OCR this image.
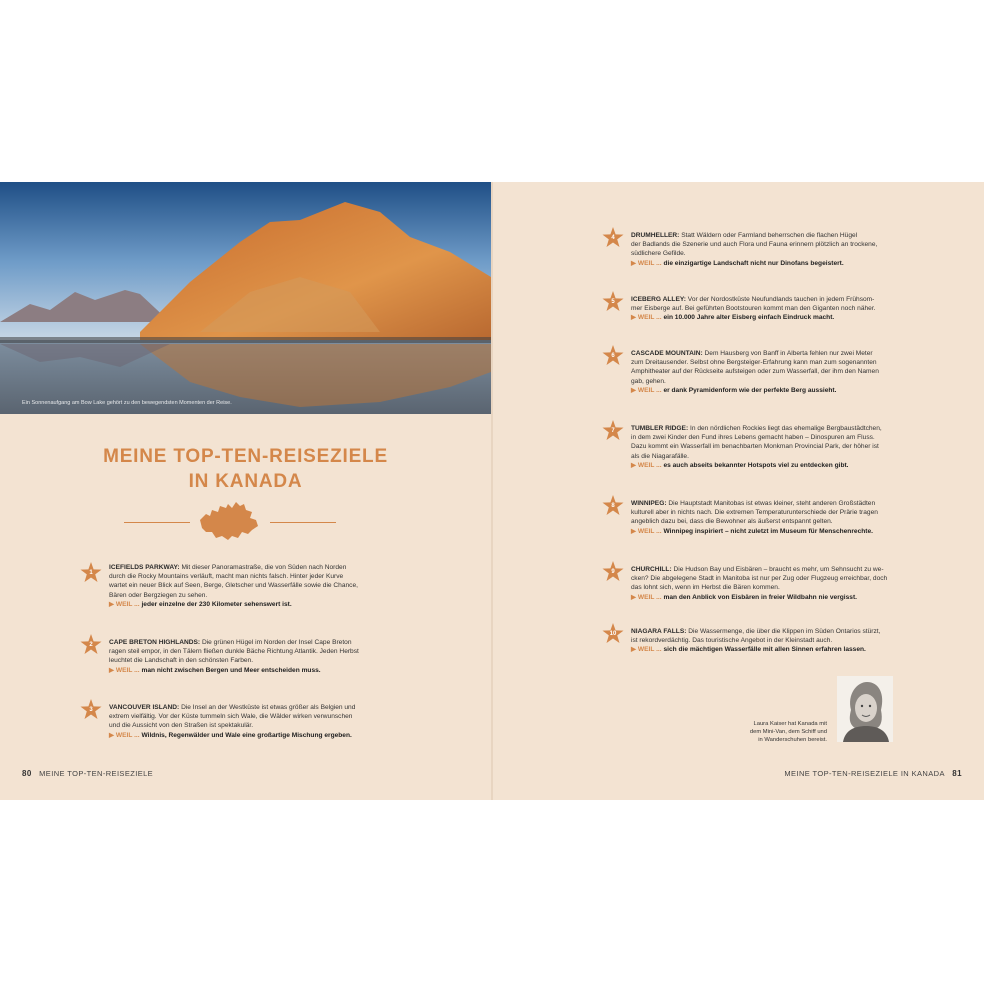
Ein Sonnenaufgang am Bow Lake gehört zu den bewegendsten Momenten der Reise.
MEINE TOP-TEN-REISEZIELE
IN KANADA
1
ICEFIELDS PARKWAY: Mit dieser Panoramastraße, die von Süden nach Norden
durch die Rocky Mountains verläuft, macht man nichts falsch. Hinter jeder Kurve
wartet ein neuer Blick auf Seen, Berge, Gletscher und Wasserfälle sowie die Chance,
Bären oder Bergziegen zu sehen.
▶ WEIL ... jeder einzelne der 230 Kilometer sehenswert ist.
2	CAPE BRETON HIGHLANDS: Die grünen Hügel im Norden der Insel Cape Breton
ragen steil empor, in den Tälern fließen dunkle Bäche Richtung Atlantik. Jeden Herbst
leuchtet die Landschaft in den schönsten Farben.
▶ WEIL ... man nicht zwischen Bergen und Meer entscheiden muss.
3	VANCOUVER ISLAND: Die Insel an der Westküste ist etwas größer als Belgien und
extrem vielfältig. Vor der Küste tummeln sich Wale, die Wälder wirken verwunschen
und die Aussicht von den Straßen ist spektakulär.
▶ WEIL ... Wildnis, Regenwälder und Wale eine großartige Mischung ergeben.
4	DRUMHELLER: Statt Wäldern oder Farmland beherrschen die flachen Hügel
der Badlands die Szenerie und auch Flora und Fauna erinnern plötzlich an trockene,
südlichere Gefilde.
▶ WEIL ... die einzigartige Landschaft nicht nur Dinofans begeistert.
5	ICEBERG ALLEY: Vor der Nordostküste Neufundlands tauchen in jedem Frühsom-
mer Eisberge auf. Bei geführten Bootstouren kommt man den Giganten noch näher.
▶ WEIL ... ein 10.000 Jahre alter Eisberg einfach Eindruck macht.
6	CASCADE MOUNTAIN: Dem Hausberg von Banff in Alberta fehlen nur zwei Meter
zum Dreitausender. Selbst ohne Bergsteiger-Erfahrung kann man zum sogenannten
Amphitheater auf der Rückseite aufsteigen oder zum Wasserfall, der ihm den Namen
gab, gehen.
▶ WEIL ... er dank Pyramidenform wie der perfekte Berg aussieht.
7	TUMBLER RIDGE: In den nördlichen Rockies liegt das ehemalige Bergbaustädtchen,
in dem zwei Kinder den Fund ihres Lebens gemacht haben – Dinospuren am Fluss.
Dazu kommt ein Wasserfall im benachbarten Monkman Provincial Park, der höher ist
als die Niagarafälle.
▶ WEIL ... es auch abseits bekannter Hotspots viel zu entdecken gibt.
8	WINNIPEG: Die Hauptstadt Manitobas ist etwas kleiner, steht anderen Großstädten
kulturell aber in nichts nach. Die extremen Temperaturunterschiede der Prärie tragen
angeblich dazu bei, dass die Bewohner als äußerst entspannt gelten.
▶ WEIL ... Winnipeg inspiriert – nicht zuletzt im Museum für Menschenrechte.
9	CHURCHILL: Die Hudson Bay und Eisbären – braucht es mehr, um Sehnsucht zu we-
cken? Die abgelegene Stadt in Manitoba ist nur per Zug oder Flugzeug erreichbar, doch
das lohnt sich, wenn im Herbst die Bären kommen.
▶ WEIL ... man den Anblick von Eisbären in freier Wildbahn nie vergisst.
10	NIAGARA FALLS: Die Wassermenge, die über die Klippen im Süden Ontarios stürzt,
ist rekordverdächtig. Das touristische Angebot in der Kleinstadt auch.
▶ WEIL ... sich die mächtigen Wasserfälle mit allen Sinnen erfahren lassen.
Laura Kaiser hat Kanada mit
dem Mini-Van, dem Schiff und
in Wanderschuhen bereist.
80 MEINE TOP-TEN-REISEZIELE	MEINE TOP-TEN-REISEZIELE IN KANADA 81
